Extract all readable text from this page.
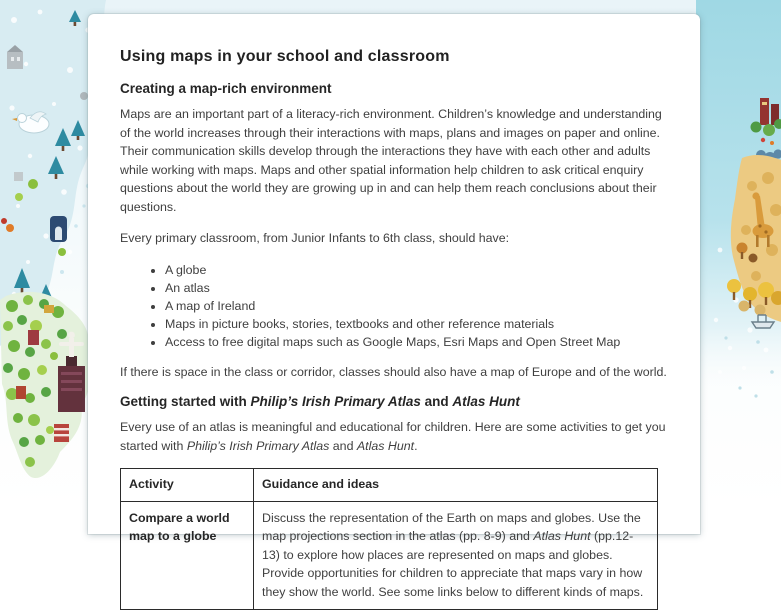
Using maps in your school and classroom
Creating a map-rich environment

Maps are an important part of a literacy-rich environment. Children’s knowledge and understanding of the world increases through their interactions with maps, plans and images on paper and online. Their communication skills develop through the interactions they have with each other and adults while working with maps. Maps and other spatial information help children to ask critical enquiry questions about the world they are growing up in and can help them reach conclusions about their questions.

Every primary classroom, from Junior Infants to 6th class, should have:

• A globe
• An atlas
• A map of Ireland
• Maps in picture books, stories, textbooks and other reference materials
• Access to free digital maps such as Google Maps, Esri Maps and Open Street Map

If there is space in the class or corridor, classes should also have a map of Europe and of the world.

Getting started with Philip’s Irish Primary Atlas and Atlas Hunt

Every use of an atlas is meaningful and educational for children. Here are some activities to get you started with Philip’s Irish Primary Atlas and Atlas Hunt.

Activity	Guidance and ideas
Compare a world map to a globe	Discuss the representation of the Earth on maps and globes. Use the map projections section in the atlas (pp. 8-9) and Atlas Hunt (pp.12-13) to explore how places are represented on maps and globes. Provide opportunities for children to appreciate that maps vary in how they show the world. See some links below to different kinds of maps.
